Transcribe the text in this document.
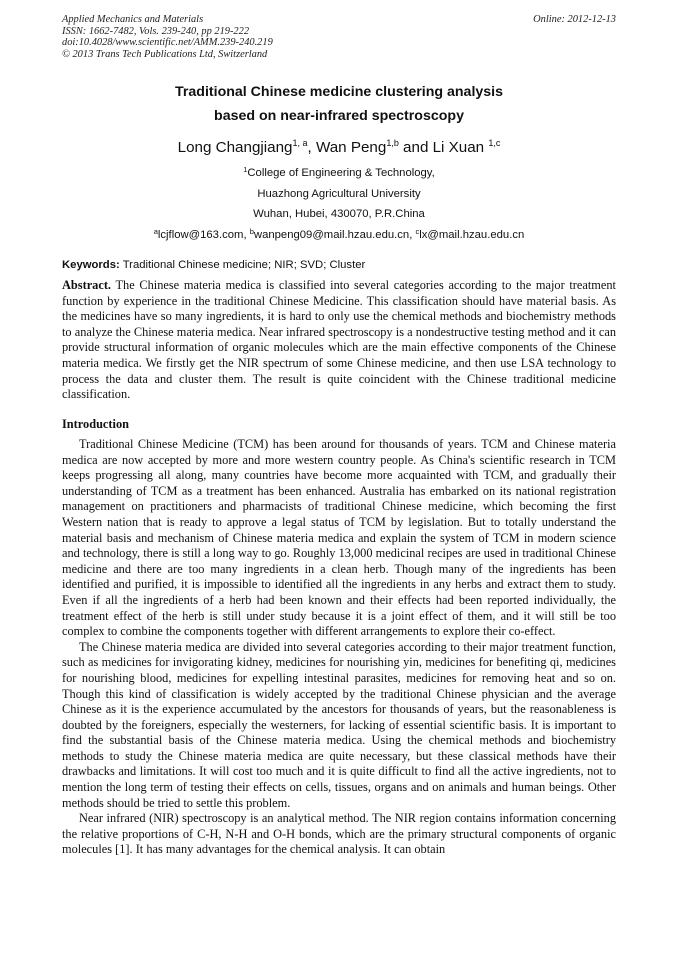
Applied Mechanics and Materials
ISSN: 1662-7482, Vols. 239-240, pp 219-222
doi:10.4028/www.scientific.net/AMM.239-240.219
© 2013 Trans Tech Publications Ltd, Switzerland
Online: 2012-12-13
Traditional Chinese medicine clustering analysis
based on near-infrared spectroscopy
Long Changjiang$^{1, a}$, Wan Peng$^{1,b}$ and Li Xuan $^{1,c}$
$^1$College of Engineering & Technology,
Huazhong Agricultural University
Wuhan, Hubei, 430070, P.R.China
$^a$lcjflow@163.com, $^b$wanpeng09@mail.hzau.edu.cn, $^c$lx@mail.hzau.edu.cn
Keywords: Traditional Chinese medicine; NIR; SVD; Cluster
Abstract. The Chinese materia medica is classified into several categories according to the major treatment function by experience in the traditional Chinese Medicine. This classification should have material basis. As the medicines have so many ingredients, it is hard to only use the chemical methods and biochemistry methods to analyze the Chinese materia medica. Near infrared spectroscopy is a nondestructive testing method and it can provide structural information of organic molecules which are the main effective components of the Chinese materia medica. We firstly get the NIR spectrum of some Chinese medicine, and then use LSA technology to process the data and cluster them. The result is quite coincident with the Chinese traditional medicine classification.
Introduction

Traditional Chinese Medicine (TCM) has been around for thousands of years. TCM and Chinese materia medica are now accepted by more and more western country people. As China's scientific research in TCM keeps progressing all along, many countries have become more acquainted with TCM, and gradually their understanding of TCM as a treatment has been enhanced. Australia has embarked on its national registration management on practitioners and pharmacists of traditional Chinese medicine, which becoming the first Western nation that is ready to approve a legal status of TCM by legislation. But to totally understand the material basis and mechanism of Chinese materia medica and explain the system of TCM in modern science and technology, there is still a long way to go. Roughly 13,000 medicinal recipes are used in traditional Chinese medicine and there are too many ingredients in a clean herb. Though many of the ingredients has been identified and purified, it is impossible to identified all the ingredients in any herbs and extract them to study. Even if all the ingredients of a herb had been known and their effects had been reported individually, the treatment effect of the herb is still under study because it is a joint effect of them, and it will still be too complex to combine the components together with different arrangements to explore their co-effect.

The Chinese materia medica are divided into several categories according to their major treatment function, such as medicines for invigorating kidney, medicines for nourishing yin, medicines for benefiting qi, medicines for nourishing blood, medicines for expelling intestinal parasites, medicines for removing heat and so on. Though this kind of classification is widely accepted by the traditional Chinese physician and the average Chinese as it is the experience accumulated by the ancestors for thousands of years, but the reasonableness is doubted by the foreigners, especially the westerners, for lacking of essential scientific basis. It is important to find the substantial basis of the Chinese materia medica. Using the chemical methods and biochemistry methods to study the Chinese materia medica are quite necessary, but these classical methods have their drawbacks and limitations. It will cost too much and it is quite difficult to find all the active ingredients, not to mention the long term of testing their effects on cells, tissues, organs and on animals and human beings. Other methods should be tried to settle this problem.

Near infrared (NIR) spectroscopy is an analytical method. The NIR region contains information concerning the relative proportions of C-H, N-H and O-H bonds, which are the primary structural components of organic molecules [1]. It has many advantages for the chemical analysis. It can obtain
